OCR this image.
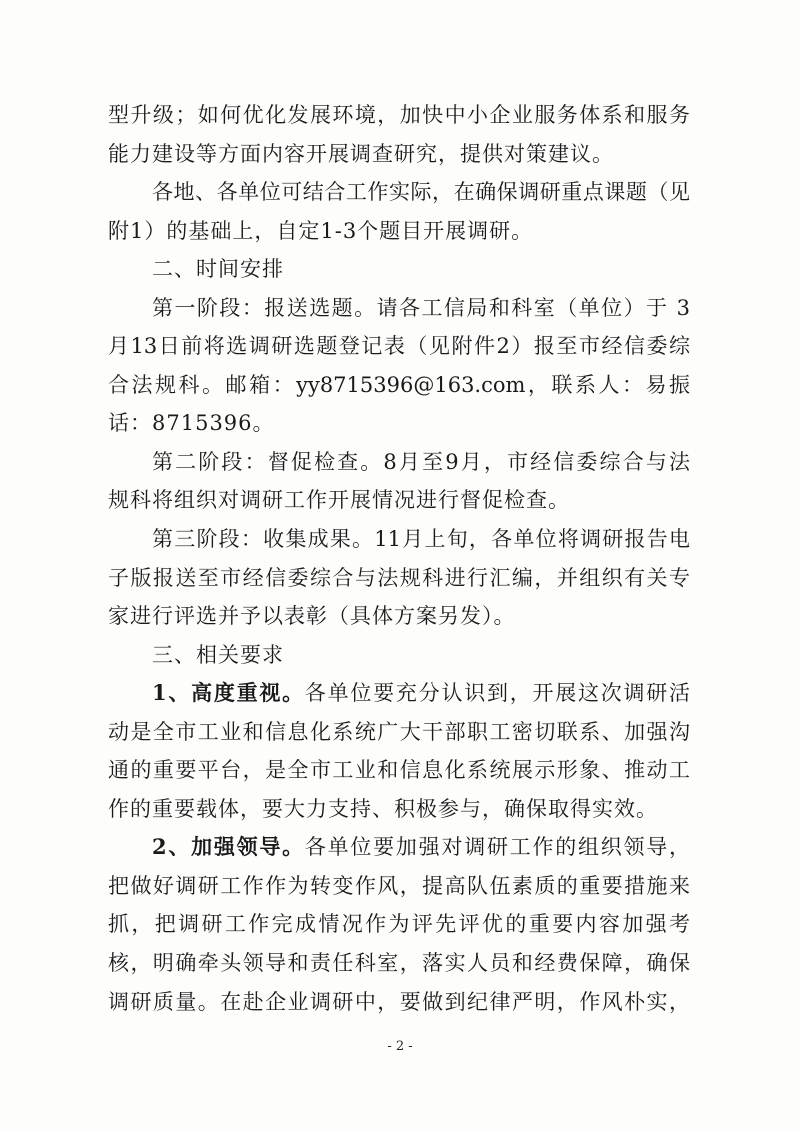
型升级；如何优化发展环境，加快中小企业服务体系和服务
能力建设等方面内容开展调查研究，提供对策建议。
各地、各单位可结合工作实际，在确保调研重点课题（见
附1）的基础上，自定1-3个题目开展调研。
二、时间安排
第一阶段：报送选题。请各工信局和科室（单位）于 3
月13日前将选调研选题登记表（见附件2）报至市经信委综
合法规科。邮箱：yy8715396@163.com，联系人：易振
话：8715396。
第二阶段：督促检查。8月至9月，市经信委综合与法
规科将组织对调研工作开展情况进行督促检查。
第三阶段：收集成果。11月上旬，各单位将调研报告电
子版报送至市经信委综合与法规科进行汇编，并组织有关专
家进行评选并予以表彰（具体方案另发）。
三、相关要求
1、高度重视。各单位要充分认识到，开展这次调研活
动是全市工业和信息化系统广大干部职工密切联系、加强沟
通的重要平台，是全市工业和信息化系统展示形象、推动工
作的重要载体，要大力支持、积极参与，确保取得实效。
2、加强领导。各单位要加强对调研工作的组织领导，
把做好调研工作作为转变作风，提高队伍素质的重要措施来
抓，把调研工作完成情况作为评先评优的重要内容加强考
核，明确牵头领导和责任科室，落实人员和经费保障，确保
调研质量。在赴企业调研中，要做到纪律严明，作风朴实，
- 2 -
